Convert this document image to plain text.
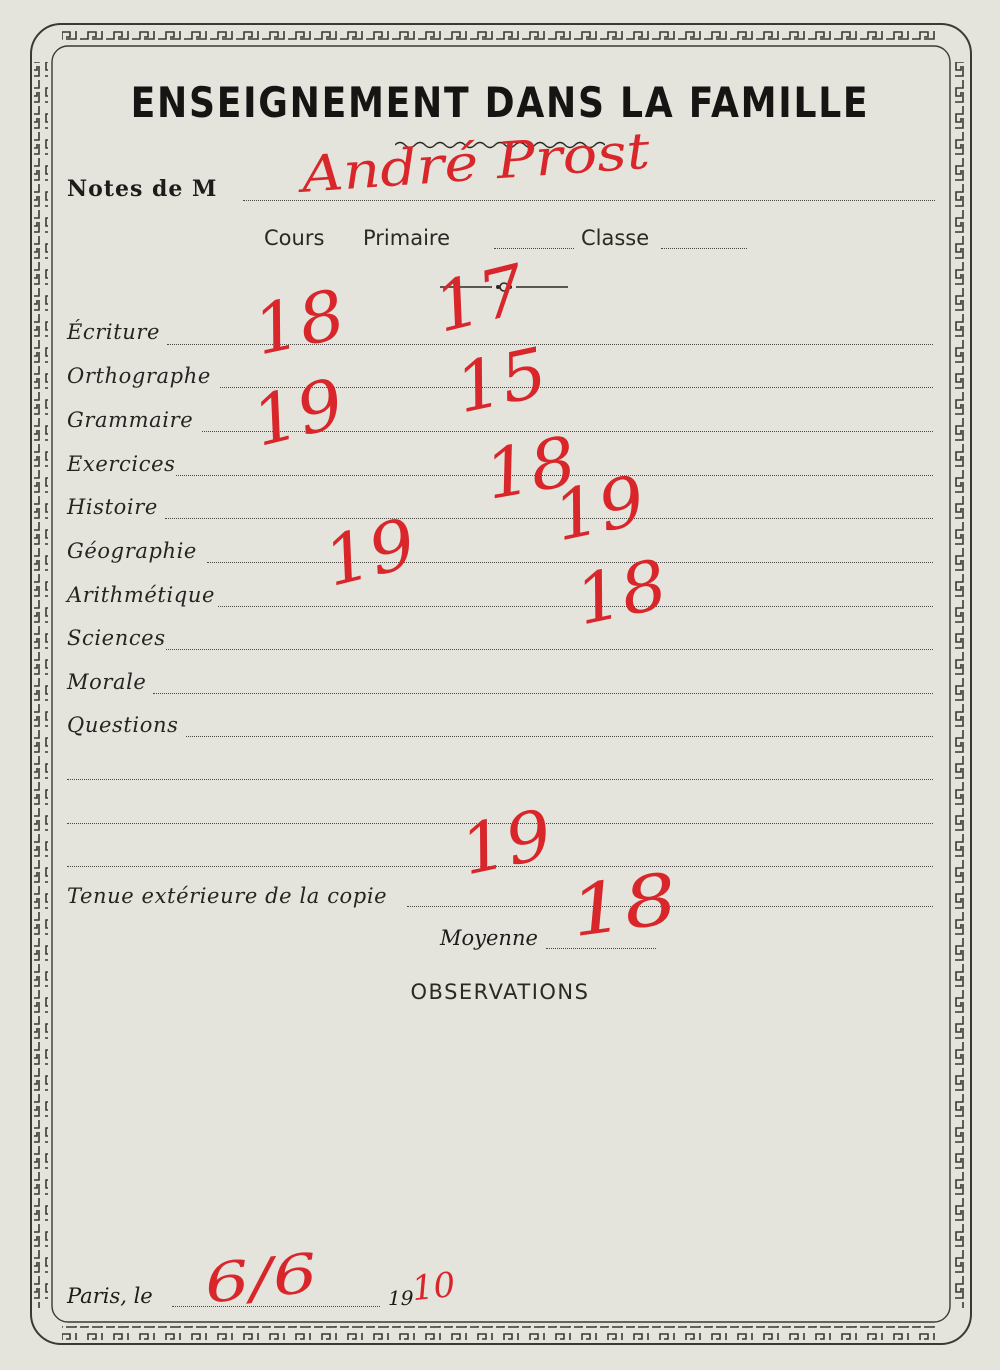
ENSEIGNEMENT DANS LA FAMILLE
Notes de M André Prost
Cours Primaire	Classe
Écriture
Orthographe
Grammaire
Exercices
Histoire
Géographie
Arithmétique
Sciences
Morale
Questions
Tenue extérieure de la copie
Moyenne 18
OBSERVATIONS
18 17
15
19
18
19
19 18
19
Paris, le 6/6	19
10
